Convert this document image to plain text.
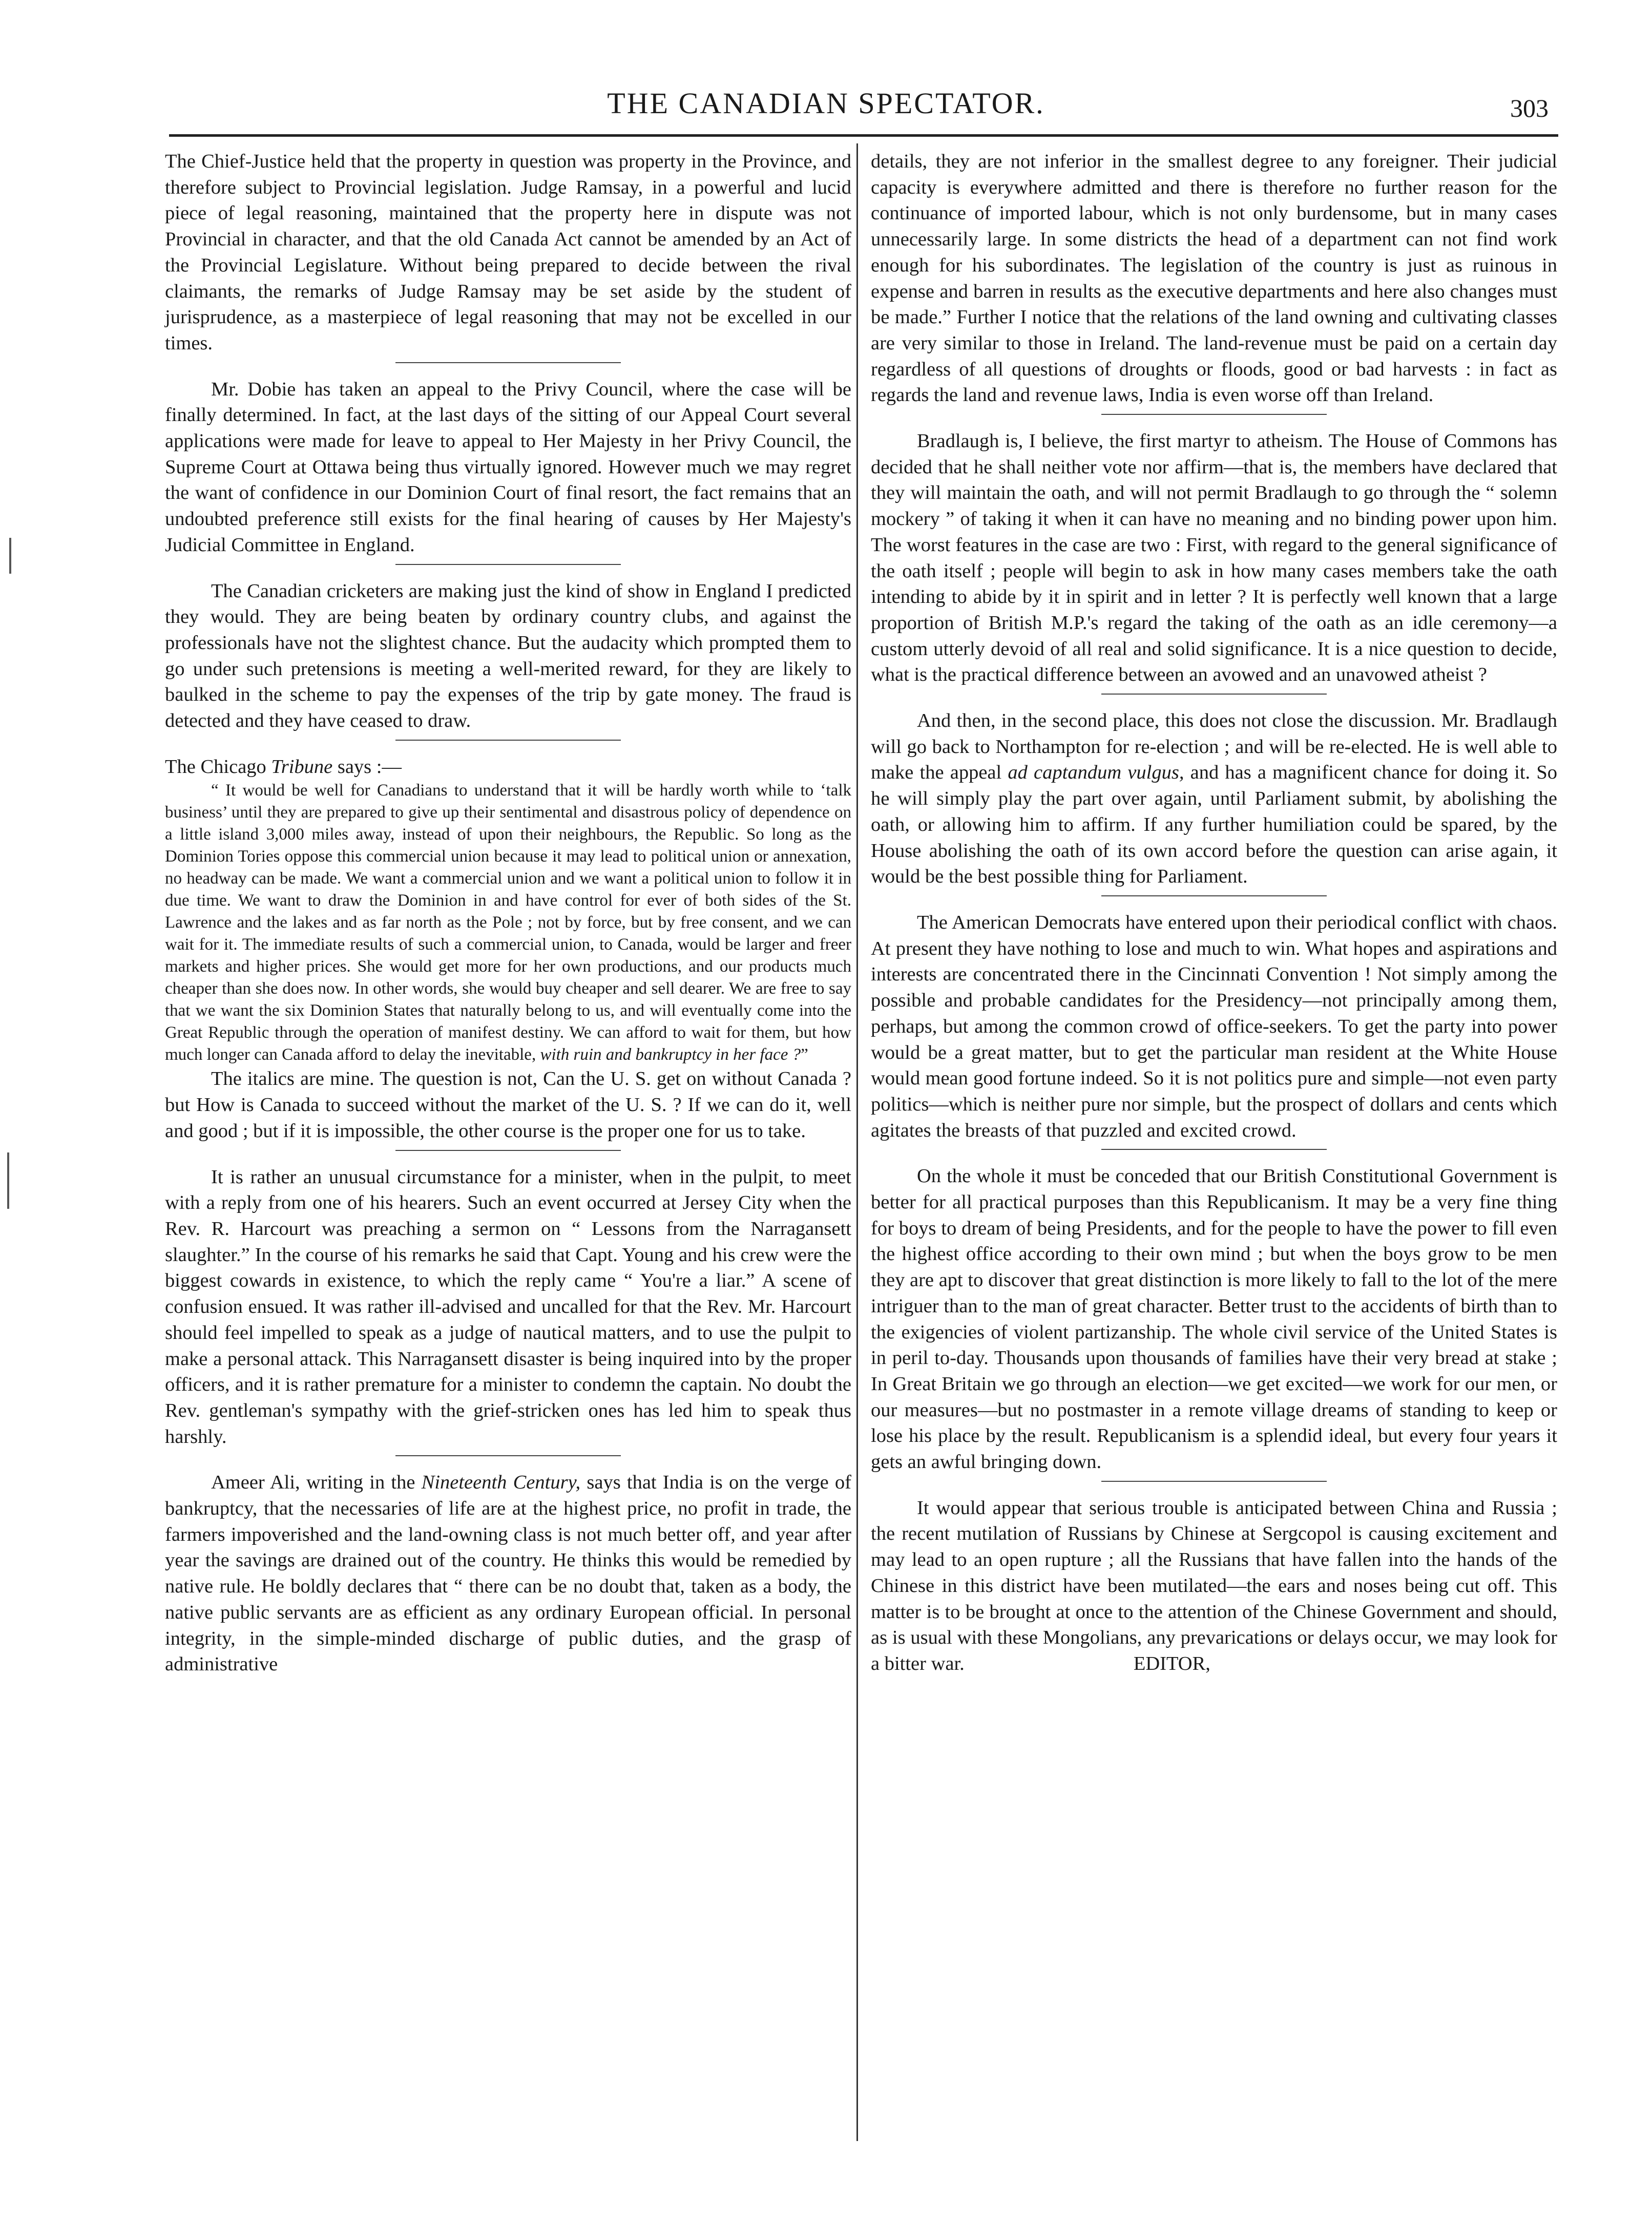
THE CANADIAN SPECTATOR.	303

The Chief-Justice held that the property in question was property in the Province, and therefore subject to Provincial legislation. Judge Ramsay, in a powerful and lucid piece of legal reasoning, maintained that the property here in dispute was not Provincial in character, and that the old Canada Act cannot be amended by an Act of the Provincial Legislature. Without being prepared to decide between the rival claimants, the remarks of Judge Ramsay may be set aside by the student of jurisprudence, as a masterpiece of legal reasoning that may not be excelled in our times.

Mr. Dobie has taken an appeal to the Privy Council, where the case will be finally determined. In fact, at the last days of the sitting of our Appeal Court several applications were made for leave to appeal to Her Majesty in her Privy Council, the Supreme Court at Ottawa being thus virtually ignored. However much we may regret the want of confidence in our Dominion Court of final resort, the fact remains that an undoubted preference still exists for the final hearing of causes by Her Majesty's Judicial Committee in England.

The Canadian cricketers are making just the kind of show in England I predicted they would. They are being beaten by ordinary country clubs, and against the professionals have not the slightest chance. But the audacity which prompted them to go under such pretensions is meeting a well-merited reward, for they are likely to baulked in the scheme to pay the expenses of the trip by gate money. The fraud is detected and they have ceased to draw.

The Chicago Tribune says :—

“ It would be well for Canadians to understand that it will be hardly worth while to ‘talk business’ until they are prepared to give up their sentimental and disastrous policy of dependence on a little island 3,000 miles away, instead of upon their neighbours, the Republic. So long as the Dominion Tories oppose this commercial union because it may lead to political union or annexation, no headway can be made. We want a commercial union and we want a political union to follow it in due time. We want to draw the Dominion in and have control for ever of both sides of the St. Lawrence and the lakes and as far north as the Pole ; not by force, but by free consent, and we can wait for it. The immediate results of such a commercial union, to Canada, would be larger and freer markets and higher prices. She would get more for her own productions, and our products much cheaper than she does now. In other words, she would buy cheaper and sell dearer. We are free to say that we want the six Dominion States that naturally belong to us, and will eventually come into the Great Republic through the operation of manifest destiny. We can afford to wait for them, but how much longer can Canada afford to delay the inevitable, with ruin and bankruptcy in her face ?”

The italics are mine. The question is not, Can the U. S. get on without Canada ? but How is Canada to succeed without the market of the U. S. ? If we can do it, well and good ; but if it is impossible, the other course is the proper one for us to take.

It is rather an unusual circumstance for a minister, when in the pulpit, to meet with a reply from one of his hearers. Such an event occurred at Jersey City when the Rev. R. Harcourt was preaching a sermon on “ Lessons from the Narragansett slaughter.” In the course of his remarks he said that Capt. Young and his crew were the biggest cowards in existence, to which the reply came “ You're a liar.” A scene of confusion ensued. It was rather ill-advised and uncalled for that the Rev. Mr. Harcourt should feel impelled to speak as a judge of nautical matters, and to use the pulpit to make a personal attack. This Narragansett disaster is being inquired into by the proper officers, and it is rather premature for a minister to condemn the captain. No doubt the Rev. gentleman's sympathy with the grief-stricken ones has led him to speak thus harshly.

Ameer Ali, writing in the Nineteenth Century, says that India is on the verge of bankruptcy, that the necessaries of life are at the highest price, no profit in trade, the farmers impoverished and the land-owning class is not much better off, and year after year the savings are drained out of the country. He thinks this would be remedied by native rule. He boldly declares that “ there can be no doubt that, taken as a body, the native public servants are as efficient as any ordinary European official. In personal integrity, in the simple-minded discharge of public duties, and the grasp of administrative

details, they are not inferior in the smallest degree to any foreigner. Their judicial capacity is everywhere admitted and there is therefore no further reason for the continuance of imported labour, which is not only burdensome, but in many cases unnecessarily large. In some districts the head of a department can not find work enough for his subordinates. The legislation of the country is just as ruinous in expense and barren in results as the executive departments and here also changes must be made.” Further I notice that the relations of the land owning and cultivating classes are very similar to those in Ireland. The land-revenue must be paid on a certain day regardless of all questions of droughts or floods, good or bad harvests : in fact as regards the land and revenue laws, India is even worse off than Ireland.

Bradlaugh is, I believe, the first martyr to atheism. The House of Commons has decided that he shall neither vote nor affirm—that is, the members have declared that they will maintain the oath, and will not permit Bradlaugh to go through the “ solemn mockery ” of taking it when it can have no meaning and no binding power upon him. The worst features in the case are two : First, with regard to the general significance of the oath itself ; people will begin to ask in how many cases members take the oath intending to abide by it in spirit and in letter ? It is perfectly well known that a large proportion of British M.P.'s regard the taking of the oath as an idle ceremony—a custom utterly devoid of all real and solid significance. It is a nice question to decide, what is the practical difference between an avowed and an unavowed atheist ?

And then, in the second place, this does not close the discussion. Mr. Bradlaugh will go back to Northampton for re-election ; and will be re-elected. He is well able to make the appeal ad captandum vulgus, and has a magnificent chance for doing it. So he will simply play the part over again, until Parliament submit, by abolishing the oath, or allowing him to affirm. If any further humiliation could be spared, by the House abolishing the oath of its own accord before the question can arise again, it would be the best possible thing for Parliament.

The American Democrats have entered upon their periodical conflict with chaos. At present they have nothing to lose and much to win. What hopes and aspirations and interests are concentrated there in the Cincinnati Convention ! Not simply among the possible and probable candidates for the Presidency—not principally among them, perhaps, but among the common crowd of office-seekers. To get the party into power would be a great matter, but to get the particular man resident at the White House would mean good fortune indeed. So it is not politics pure and simple—not even party politics—which is neither pure nor simple, but the prospect of dollars and cents which agitates the breasts of that puzzled and excited crowd.

On the whole it must be conceded that our British Constitutional Government is better for all practical purposes than this Republicanism. It may be a very fine thing for boys to dream of being Presidents, and for the people to have the power to fill even the highest office according to their own mind ; but when the boys grow to be men they are apt to discover that great distinction is more likely to fall to the lot of the mere intriguer than to the man of great character. Better trust to the accidents of birth than to the exigencies of violent partizanship. The whole civil service of the United States is in peril to-day. Thousands upon thousands of families have their very bread at stake ; In Great Britain we go through an election—we get excited—we work for our men, or our measures—but no postmaster in a remote village dreams of standing to keep or lose his place by the result. Republicanism is a splendid ideal, but every four years it gets an awful bringing down.

It would appear that serious trouble is anticipated between China and Russia ; the recent mutilation of Russians by Chinese at Sergcopol is causing excitement and may lead to an open rupture ; all the Russians that have fallen into the hands of the Chinese in this district have been mutilated—the ears and noses being cut off. This matter is to be brought at once to the attention of the Chinese Government and should, as is usual with these Mongolians, any prevarications or delays occur, we may look for a bitter war.	EDITOR,
